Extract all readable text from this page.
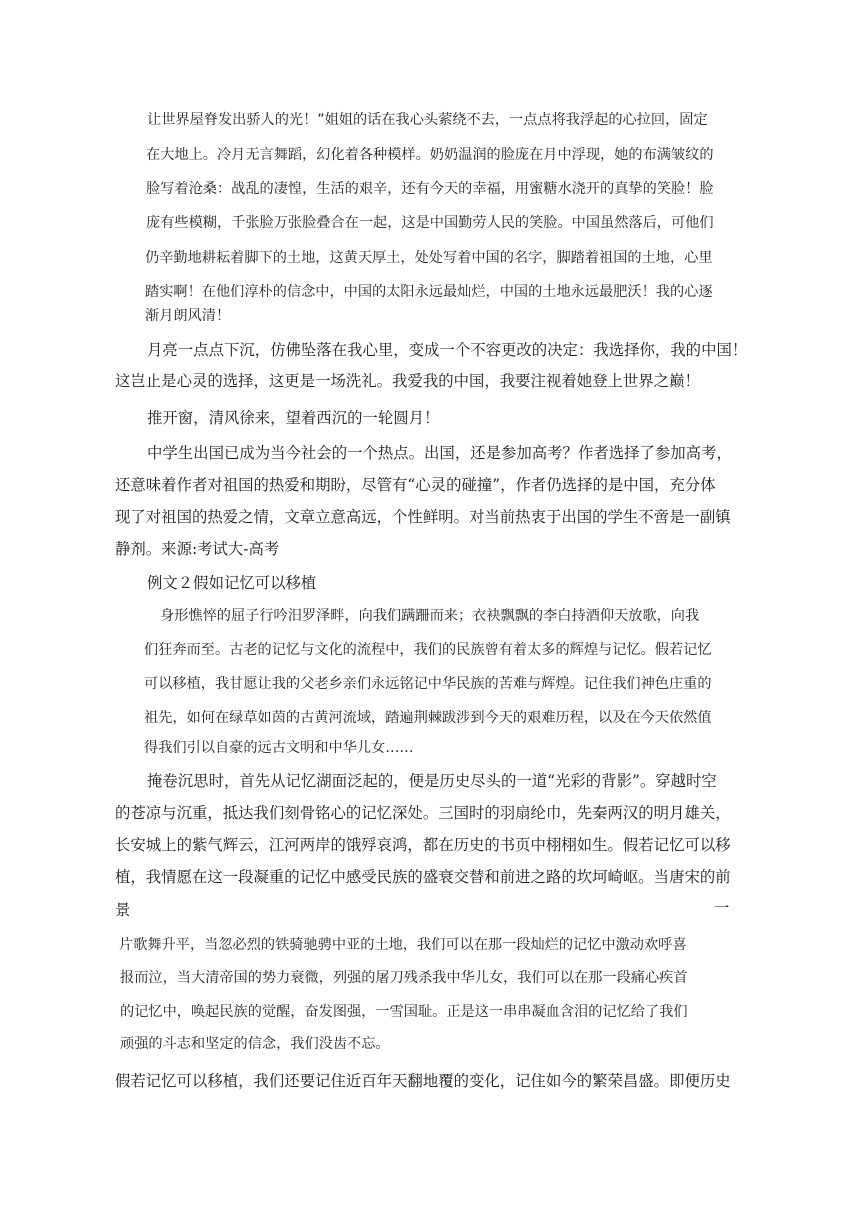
让世界屋脊发出骄人的光！”姐姐的话在我心头萦绕不去，一点点将我浮起的心拉回，固定

在大地上。冷月无言舞蹈，幻化着各种模样。奶奶温润的脸庞在月中浮现，她的布满皱纹的

脸写着沧桑：战乱的凄惶，生活的艰辛，还有今天的幸福，用蜜糖水浇开的真挚的笑脸！脸

庞有些模糊，千张脸万张脸叠合在一起，这是中国勤劳人民的笑脸。中国虽然落后，可他们

仍辛勤地耕耘着脚下的土地，这黄天厚土，处处写着中国的名字，脚踏着祖国的土地，心里

踏实啊！在他们淳朴的信念中，中国的太阳永远最灿烂，中国的土地永远最肥沃！我的心逐

渐月朗风清！

月亮一点点下沉，仿佛坠落在我心里，变成一个不容更改的决定：我选择你，我的中国！

这岂止是心灵的选择，这更是一场洗礼。我爱我的中国，我要注视着她登上世界之巅！

推开窗，清风徐来，望着西沉的一轮圆月！

中学生出国已成为当今社会的一个热点。出国，还是参加高考？作者选择了参加高考，

还意味着作者对祖国的热爱和期盼，尽管有“心灵的碰撞”，作者仍选择的是中国，充分体

现了对祖国的热爱之情，文章立意高远，个性鲜明。对当前热衷于出国的学生不啻是一副镇

静剂。来源:考试大-高考

例文２假如记忆可以移植

身形憔悴的屈子行吟汨罗泽畔，向我们蹒跚而来；衣袂飘飘的李白持酒仰天放歌，向我

们狂奔而至。古老的记忆与文化的流程中，我们的民族曾有着太多的辉煌与记忆。假若记忆

可以移植，我甘愿让我的父老乡亲们永远铭记中华民族的苦难与辉煌。记住我们神色庄重的

祖先，如何在绿草如茵的古黄河流域，踏遍荆棘跋涉到今天的艰难历程，以及在今天依然值

得我们引以自豪的远古文明和中华儿女……

掩卷沉思时，首先从记忆湖面泛起的，便是历史尽头的一道“光彩的背影”。穿越时空

的苍凉与沉重，抵达我们刻骨铭心的记忆深处。三国时的羽扇纶巾，先秦两汉的明月雄关，

长安城上的紫气辉云，江河两岸的饿殍哀鸿，都在历史的书页中栩栩如生。假若记忆可以移

植，我情愿在这一段凝重的记忆中感受民族的盛衰交替和前进之路的坎坷崎岖。当唐宋的前

景	一

片歌舞升平，当忽必烈的铁骑驰骋中亚的土地，我们可以在那一段灿烂的记忆中激动欢呼喜

报而泣，当大清帝国的势力衰微，列强的屠刀残杀我中华儿女，我们可以在那一段痛心疾首

的记忆中，唤起民族的觉醒，奋发图强，一雪国耻。正是这一串串凝血含泪的记忆给了我们

顽强的斗志和坚定的信念，我们没齿不忘。

假若记忆可以移植，我们还要记住近百年天翻地覆的变化，记住如今的繁荣昌盛。即便历史
